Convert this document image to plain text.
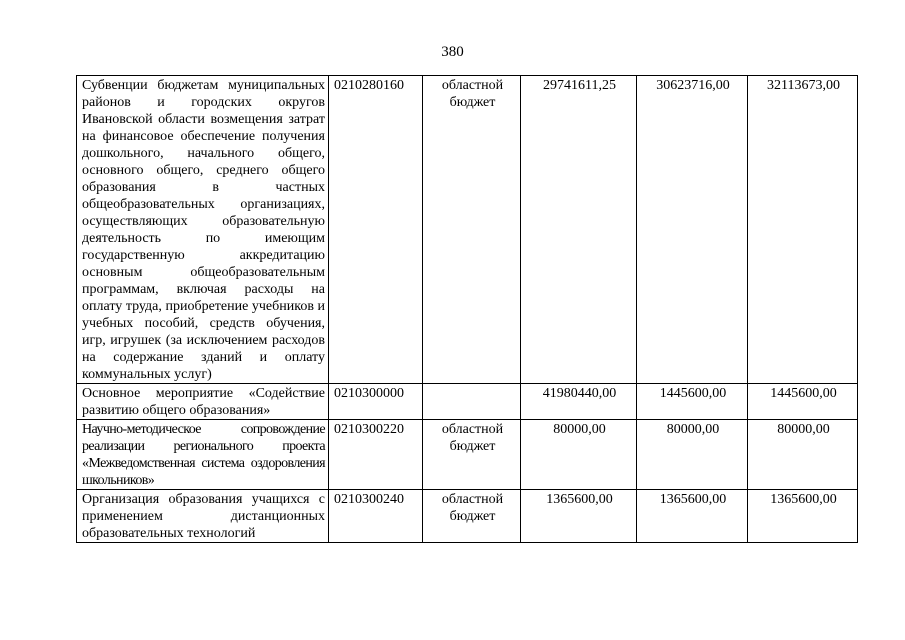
380
Субвенции бюджетам муниципальных районов и городских округов Ивановской области возмещения затрат на финансовое обеспечение получения дошкольного, начального общего, основного общего, среднего общего образования в частных общеобразовательных организациях, осуществляющих образовательную деятельность по имеющим государственную аккредитацию основным общеобразовательным программам, включая расходы на оплату труда, приобретение учебников и учебных пособий, средств обучения, игр, игрушек (за исключением расходов на содержание зданий и оплату коммунальных услуг)	0210280160	областной бюджет	29741611,25	30623716,00	32113673,00
Основное мероприятие «Содействие развитию общего образования»	0210300000		41980440,00	1445600,00	1445600,00
Научно-методическое сопровождение реализации регионального проекта «Межведомственная система оздоровления школьников»	0210300220	областной бюджет	80000,00	80000,00	80000,00
Организация образования учащихся с применением дистанционных образовательных технологий	0210300240	областной бюджет	1365600,00	1365600,00	1365600,00
